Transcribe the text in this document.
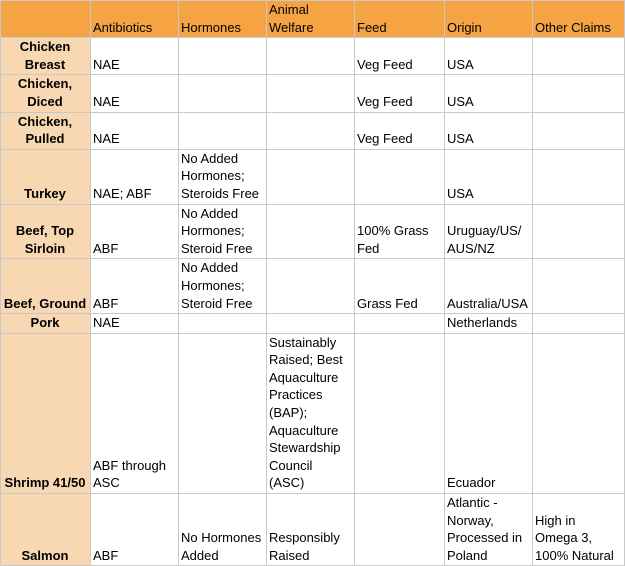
	Antibiotics	Hormones	Animal Welfare	Feed	Origin	Other Claims
Chicken Breast	NAE			Veg Feed	USA	
Chicken, Diced	NAE			Veg Feed	USA	
Chicken, Pulled	NAE			Veg Feed	USA	
Turkey	NAE; ABF	No Added Hormones; Steroids Free			USA	
Beef, Top Sirloin	ABF	No Added Hormones; Steroid Free		100% Grass Fed	Uruguay/US/ AUS/NZ	
Beef, Ground	ABF	No Added Hormones; Steroid Free		Grass Fed	Australia/USA	
Pork	NAE				Netherlands	
Shrimp 41/50	ABF through ASC		Sustainably Raised; Best Aquaculture Practices (BAP); Aquaculture Stewardship Council (ASC)		Ecuador	
Salmon	ABF	No Hormones Added	Responsibly Raised		Atlantic - Norway, Processed in Poland	High in Omega 3, 100% Natural
